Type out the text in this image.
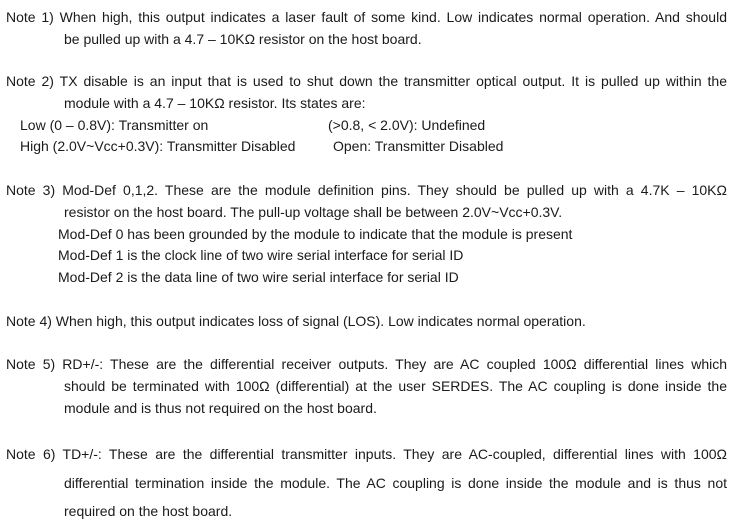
Note 1) When high, this output indicates a laser fault of some kind. Low indicates normal operation. And should
be pulled up with a 4.7 – 10KΩ resistor on the host board.
Note 2) TX disable is an input that is used to shut down the transmitter optical output. It is pulled up within the
module with a 4.7 – 10KΩ resistor. Its states are:
Low (0 – 0.8V): Transmitter on	(>0.8, < 2.0V): Undefined
High (2.0V~Vcc+0.3V): Transmitter Disabled	Open: Transmitter Disabled
Note 3) Mod-Def 0,1,2. These are the module definition pins. They should be pulled up with a 4.7K – 10KΩ
resistor on the host board. The pull-up voltage shall be between 2.0V~Vcc+0.3V.
Mod-Def 0 has been grounded by the module to indicate that the module is present
Mod-Def 1 is the clock line of two wire serial interface for serial ID
Mod-Def 2 is the data line of two wire serial interface for serial ID
Note 4) When high, this output indicates loss of signal (LOS). Low indicates normal operation.
Note 5) RD+/-: These are the differential receiver outputs. They are AC coupled 100Ω differential lines which
should be terminated with 100Ω (differential) at the user SERDES. The AC coupling is done inside the
module and is thus not required on the host board.
Note 6) TD+/-: These are the differential transmitter inputs. They are AC-coupled, differential lines with 100Ω
differential termination inside the module. The AC coupling is done inside the module and is thus not
required on the host board.
